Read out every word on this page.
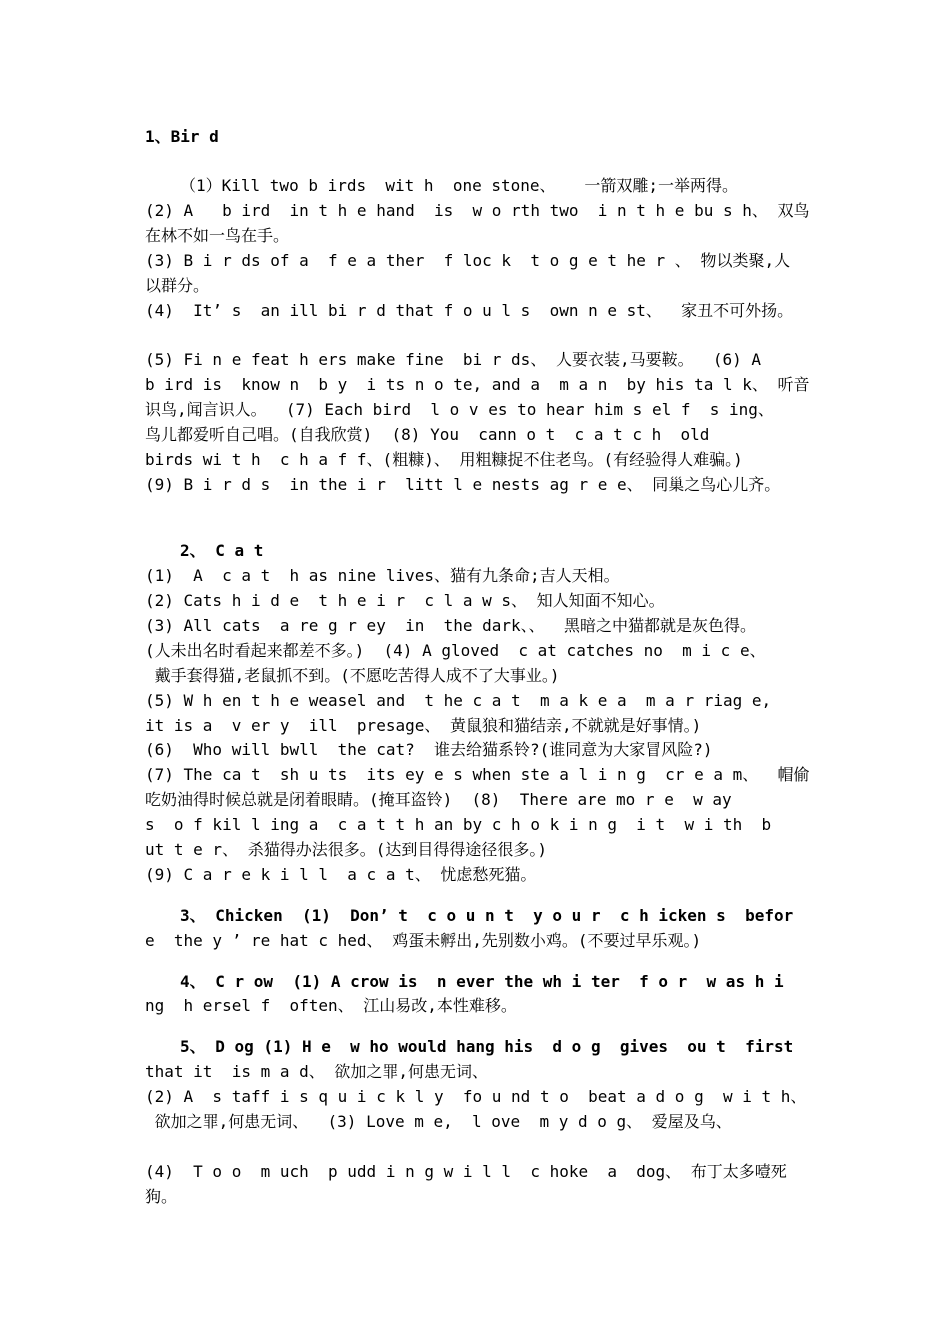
1、Bir d
（1）Kill two b irds  wit h  one stone、   一箭双雕;一举两得。
(2) A   b ird  in t h e hand  is  w o rth two  i n t h e bu s h、 双鸟
在林不如一鸟在手。
(3) B i r ds of a  f e a ther  f loc k  t o g e t he r 、 物以类聚,人
以群分。
(4)  It’ s  an ill bi r d that f o u l s  own n e st、  家丑不可外扬。
(5) Fi n e feat h ers make fine  bi r ds、 人要衣装,马要鞍。  (6) A
b ird is  know n  b y  i ts n o te, and a  m a n  by his ta l k、 听音
识鸟,闻言识人。  (7) Each bird  l o v es to hear him s el f  s ing、
鸟儿都爱听自己唱。(自我欣赏)  (8) You  cann o t  c a t c h  old
birds wi t h  c h a f f、(粗糠)、 用粗糠捉不住老鸟。(有经验得人难骗。)
(9) B i r d s  in the i r  litt l e nests ag r e e、 同巢之鸟心儿齐。
2、 C a t
(1)  A  c a t  h as nine lives、猫有九条命;吉人天相。
(2) Cats h i d e  t h e i r  c l a w s、 知人知面不知心。
(3) All cats  a re g r ey  in  the dark、、  黑暗之中猫都就是灰色得。
(人未出名时看起来都差不多。)  (4) A gloved  c at catches no  m i c e、
戴手套得猫,老鼠抓不到。(不愿吃苦得人成不了大事业。)
(5) W h en t h e weasel and  t he c a t  m a k e a  m a r riag e,
it is a  v er y  ill  presage、 黄鼠狼和猫结亲,不就就是好事情。)
(6)  Who will bwll  the cat?  谁去给猫系铃?(谁同意为大家冒风险?)
(7) The ca t  sh u ts  its ey e s when ste a l i n g  cr e a m、  帽偷
吃奶油得时候总就是闭着眼睛。(掩耳盗铃)  (8)  There are mo r e  w ay
s  o f kil l ing a  c a t t h an by c h o k i n g  i t  w i th  b
ut t e r、 杀猫得办法很多。(达到目得得途径很多。)
(9) C a r e k i l l  a c a t、 忧虑愁死猫。
3、 Chicken  (1)  Don’ t  c o u n t  y o u r  c h icken s  befor
e  the y ’ re hat c hed、 鸡蛋未孵出,先别数小鸡。(不要过早乐观。)
4、 C r ow  (1) A crow is  n ever the wh i ter  f o r  w as h i
ng  h ersel f  often、 江山易改,本性难移。
5、 D og (1) H e  w ho would hang his  d o g  gives  ou t  first
that it  is m a d、 欲加之罪,何患无词、
(2) A  s taff i s q u i c k l y  fo u nd t o  beat a d o g  w i t h、
欲加之罪,何患无词、  (3) Love m e,  l ove  m y d o g、 爱屋及乌、
(4)  T o o  m uch  p udd i n g w i l l  c hoke  a  dog、 布丁太多噎死
狗。
